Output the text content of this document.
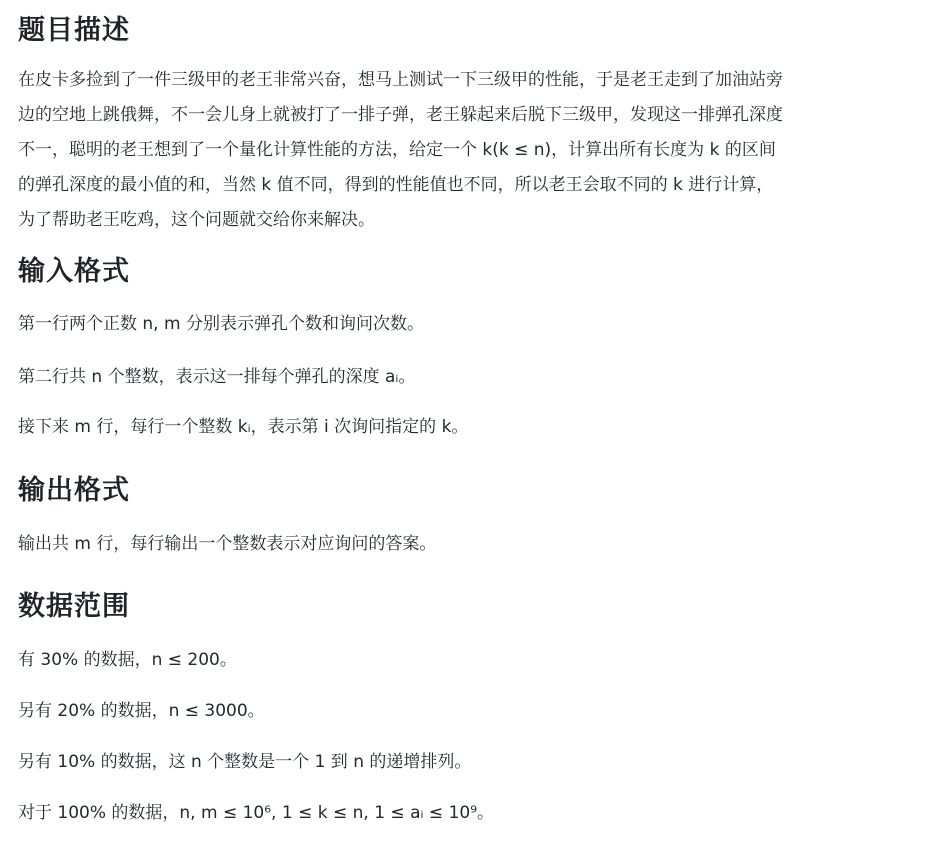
题目描述
在皮卡多捡到了一件三级甲的老王非常兴奋，想马上测试一下三级甲的性能，于是老王走到了加油站旁
边的空地上跳俄舞，不一会儿身上就被打了一排子弹，老王躲起来后脱下三级甲，发现这一排弹孔深度
不一，聪明的老王想到了一个量化计算性能的方法，给定一个 k(k ≤ n)，计算出所有长度为 k 的区间
的弹孔深度的最小值的和，当然 k 值不同，得到的性能值也不同，所以老王会取不同的 k 进行计算，
为了帮助老王吃鸡，这个问题就交给你来解决。
输入格式
第一行两个正数 n, m 分别表示弹孔个数和询问次数。
第二行共 n 个整数，表示这一排每个弹孔的深度 aᵢ。
接下来 m 行，每行一个整数 kᵢ，表示第 i 次询问指定的 k。
输出格式
输出共 m 行，每行输出一个整数表示对应询问的答案。
数据范围
有 30% 的数据，n ≤ 200。
另有 20% 的数据，n ≤ 3000。
另有 10% 的数据，这 n 个整数是一个 1 到 n 的递增排列。
对于 100% 的数据，n, m ≤ 10⁶, 1 ≤ k ≤ n, 1 ≤ aᵢ ≤ 10⁹。
